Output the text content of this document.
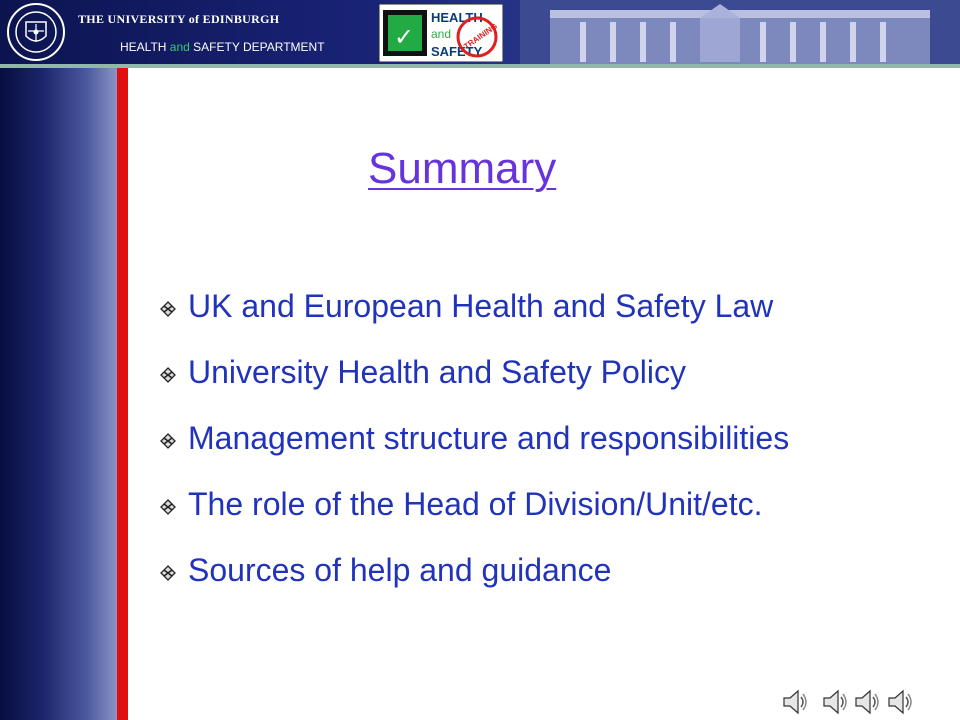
THE UNIVERSITY of EDINBURGH
HEALTH and SAFETY DEPARTMENT	✓
HEALTH
and
SAFETY
TRAINING
Summary
UK and European Health and Safety Law
University Health and Safety Policy
Management structure and responsibilities
The role of the Head of Division/Unit/etc.
Sources of help and guidance
